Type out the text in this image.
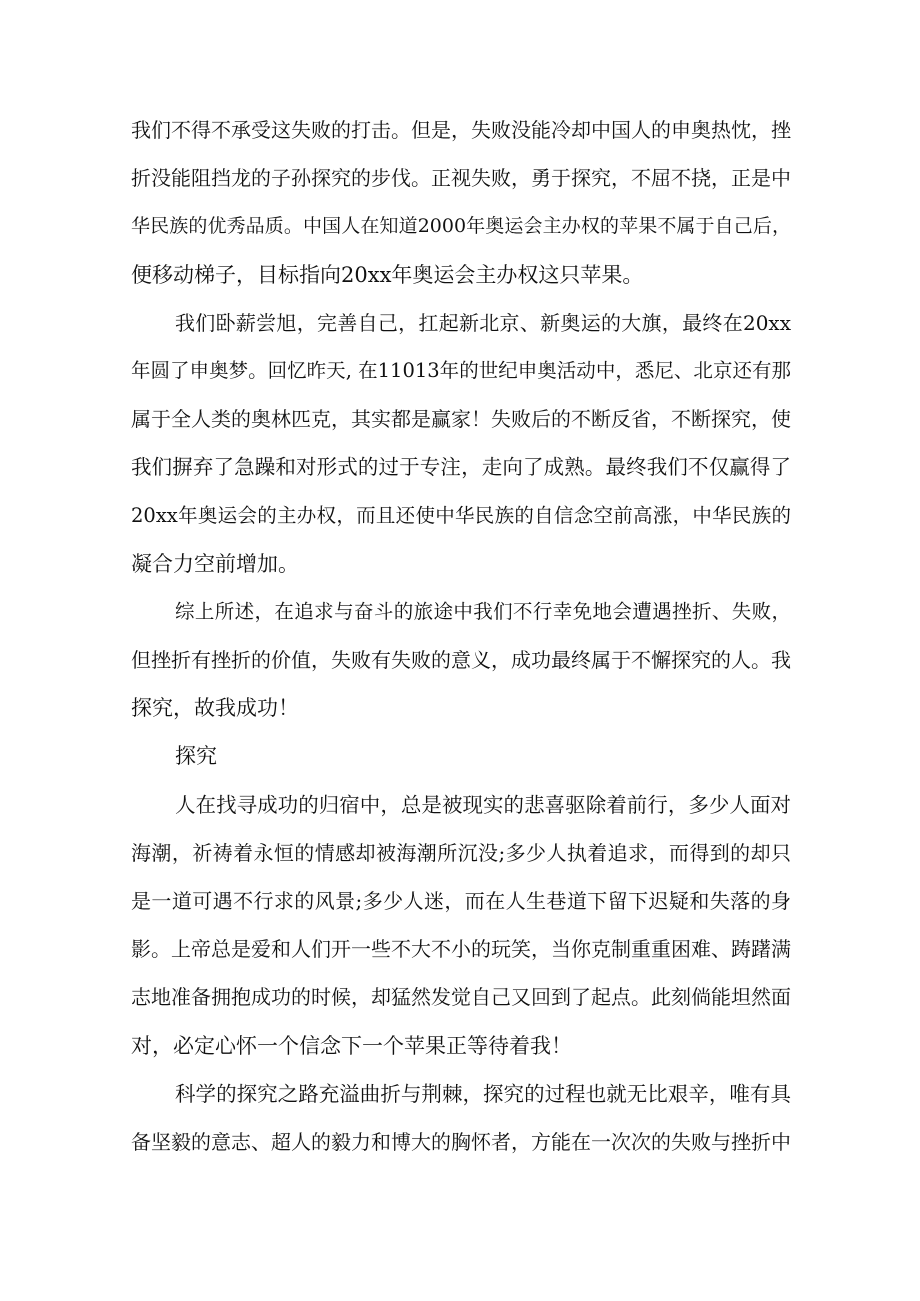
我们不得不承受这失败的打击。但是，失败没能冷却中国人的申奥热忱，挫
折没能阻挡龙的子孙探究的步伐。正视失败，勇于探究，不屈不挠，正是中
华民族的优秀品质。中国人在知道2000年奥运会主办权的苹果不属于自己后，
便移动梯子，目标指向20xx年奥运会主办权这只苹果。
我们卧薪尝旭，完善自己，扛起新北京、新奥运的大旗，最终在20xx
年圆了申奥梦。回忆昨天, 在11013年的世纪申奥活动中，悉尼、北京还有那
属于全人类的奥林匹克，其实都是赢家！失败后的不断反省，不断探究，使
我们摒弃了急躁和对形式的过于专注，走向了成熟。最终我们不仅赢得了
20xx年奥运会的主办权，而且还使中华民族的自信念空前高涨，中华民族的
凝合力空前增加。
综上所述，在追求与奋斗的旅途中我们不行幸免地会遭遇挫折、失败，
但挫折有挫折的价值，失败有失败的意义，成功最终属于不懈探究的人。我
探究，故我成功！
探究
人在找寻成功的归宿中，总是被现实的悲喜驱除着前行，多少人面对
海潮，祈祷着永恒的情感却被海潮所沉没;多少人执着追求，而得到的却只
是一道可遇不行求的风景;多少人迷，而在人生巷道下留下迟疑和失落的身
影。上帝总是爱和人们开一些不大不小的玩笑，当你克制重重困难、踌躇满
志地准备拥抱成功的时候，却猛然发觉自己又回到了起点。此刻倘能坦然面
对，必定心怀一个信念下一个苹果正等待着我！
科学的探究之路充溢曲折与荆棘，探究的过程也就无比艰辛，唯有具
备坚毅的意志、超人的毅力和博大的胸怀者，方能在一次次的失败与挫折中
